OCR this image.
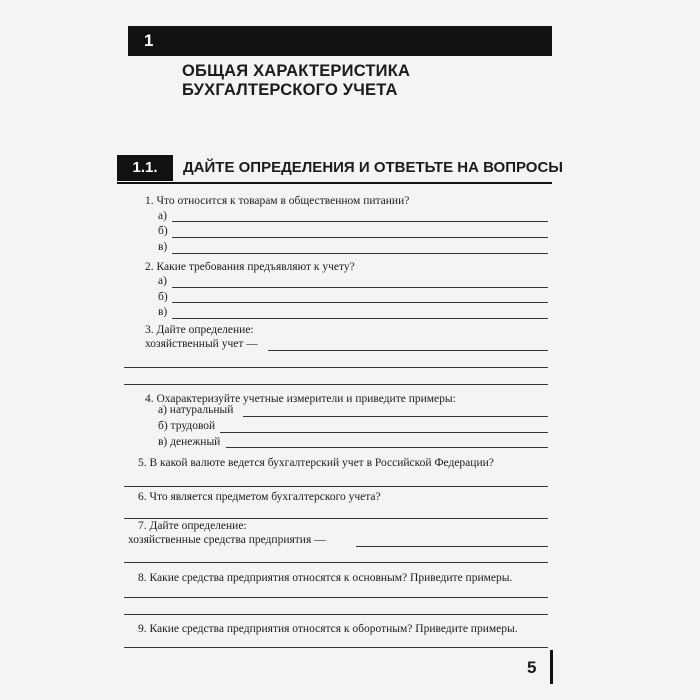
1
ОБЩАЯ ХАРАКТЕРИСТИКА
БУХГАЛТЕРСКОГО УЧЕТА
1.1.	ДАЙТЕ ОПРЕДЕЛЕНИЯ И ОТВЕТЬТЕ НА ВОПРОСЫ
1. Что относится к товарам в общественном питании?
а)
б)
в)
2. Какие требования предъявляют к учету?
а)
б)
в)
3. Дайте определение:
хозяйственный учет —
4. Охарактеризуйте учетные измерители и приведите примеры:
а) натуральный
б) трудовой
в) денежный
5. В какой валюте ведется бухгалтерский учет в Российской Федерации?
6. Что является предметом бухгалтерского учета?
7. Дайте определение:
хозяйственные средства предприятия —
8. Какие средства предприятия относятся к основным? Приведите примеры.
9. Какие средства предприятия относятся к оборотным? Приведите примеры.
5
